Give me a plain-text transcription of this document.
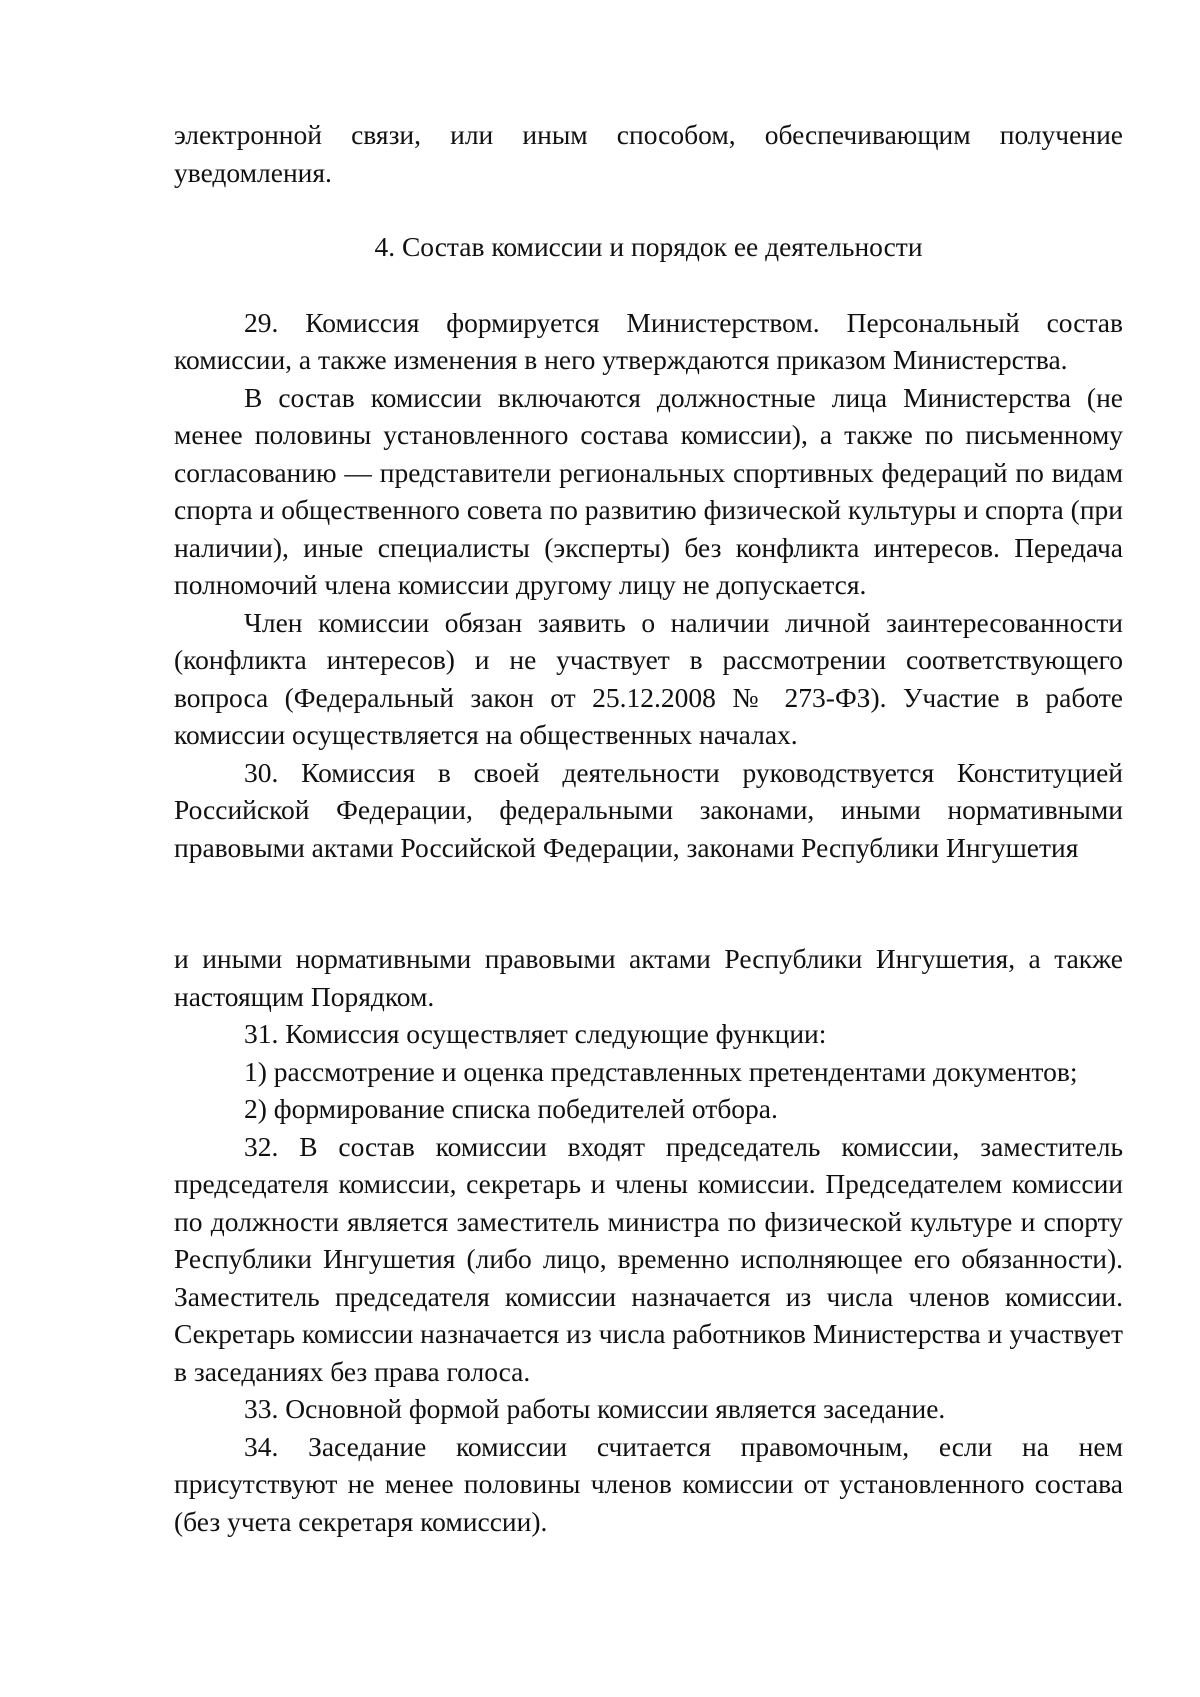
электронной связи, или иным способом, обеспечивающим получение уведомления.

4. Состав комиссии и порядок ее деятельности

29. Комиссия формируется Министерством. Персональный состав комиссии, а также изменения в него утверждаются приказом Министерства.

В состав комиссии включаются должностные лица Министерства (не менее половины установленного состава комиссии), а также по письменному согласованию — представители региональных спортивных федераций по видам спорта и общественного совета по развитию физической культуры и спорта (при наличии), иные специалисты (эксперты) без конфликта интересов. Передача полномочий члена комиссии другому лицу не допускается.

Член комиссии обязан заявить о наличии личной заинтересованности (конфликта интересов) и не участвует в рассмотрении соответствующего вопроса (Федеральный закон от 25.12.2008 № 273-ФЗ). Участие в работе комиссии осуществляется на общественных началах.

30. Комиссия в своей деятельности руководствуется Конституцией Российской Федерации, федеральными законами, иными нормативными правовыми актами Российской Федерации, законами Республики Ингушетия

и иными нормативными правовыми актами Республики Ингушетия, а также настоящим Порядком.

31. Комиссия осуществляет следующие функции:

1) рассмотрение и оценка представленных претендентами документов;

2) формирование списка победителей отбора.

32. В состав комиссии входят председатель комиссии, заместитель председателя комиссии, секретарь и члены комиссии. Председателем комиссии по должности является заместитель министра по физической культуре и спорту Республики Ингушетия (либо лицо, временно исполняющее его обязанности). Заместитель председателя комиссии назначается из числа членов комиссии. Секретарь комиссии назначается из числа работников Министерства и участвует в заседаниях без права голоса.

33. Основной формой работы комиссии является заседание.

34. Заседание комиссии считается правомочным, если на нем присутствуют не менее половины членов комиссии от установленного состава (без учета секретаря комиссии).
